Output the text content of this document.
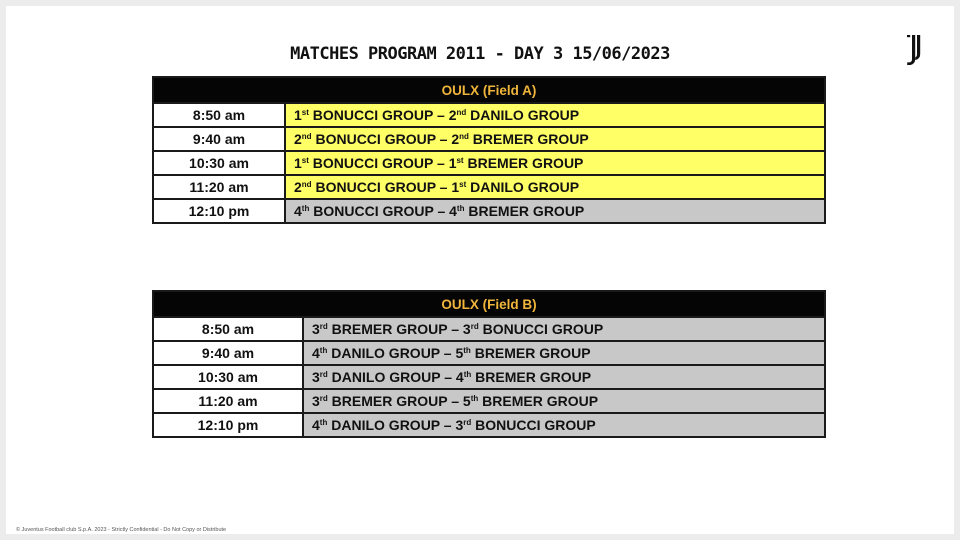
MATCHES PROGRAM 2011 - DAY 3 15/06/2023
© Juventus Football club S.p.A. 2023 - Strictly Confidential - Do Not Copy or Distribute
OULX (Field A)	
8:50 am	1st BONUCCI GROUP – 2nd DANILO GROUP
9:40 am	2nd BONUCCI GROUP – 2nd BREMER GROUP
10:30 am	1st BONUCCI GROUP – 1st BREMER GROUP
11:20 am	2nd BONUCCI GROUP – 1st DANILO GROUP
12:10 pm	4th BONUCCI GROUP – 4th BREMER GROUP
OULX (Field B)	
8:50 am	3rd BREMER GROUP – 3rd BONUCCI GROUP
9:40 am	4th DANILO GROUP – 5th BREMER GROUP
10:30 am	3rd DANILO GROUP – 4th BREMER GROUP
11:20 am	3rd BREMER GROUP – 5th BREMER GROUP
12:10 pm	4th DANILO GROUP – 3rd BONUCCI GROUP
